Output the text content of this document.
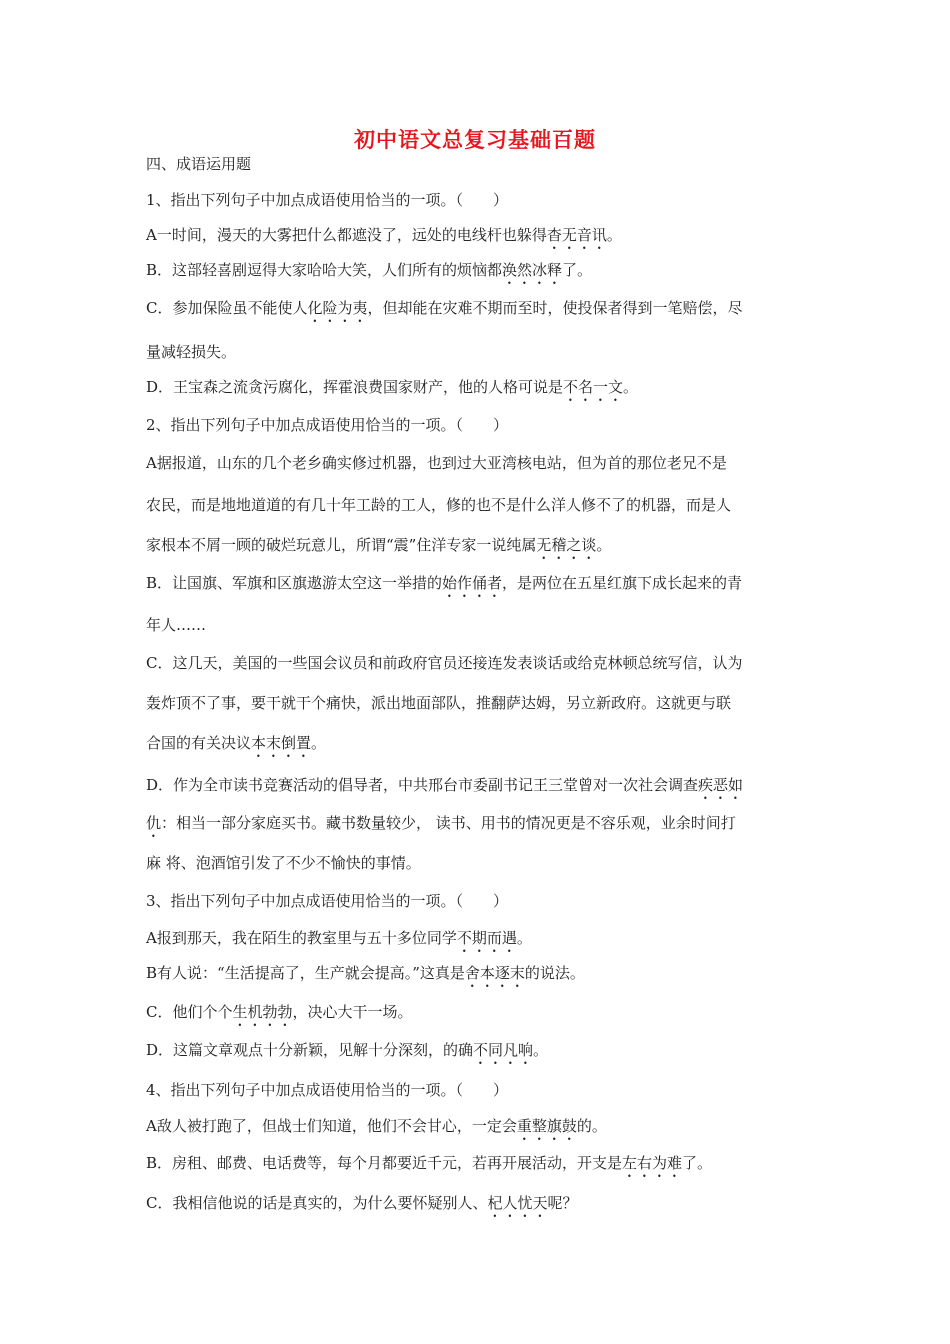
初中语文总复习基础百题
四、成语运用题
1、指出下列句子中加点成语使用恰当的一项。（　　）
A一时间，漫天的大雾把什么都遮没了，远处的电线杆也躲得杳无音讯。
B．这部轻喜剧逗得大家哈哈大笑，人们所有的烦恼都涣然冰释了。
C．参加保险虽不能使人化险为夷，但却能在灾难不期而至时，使投保者得到一笔赔偿，尽
量减轻损失。
D．王宝森之流贪污腐化，挥霍浪费国家财产，他的人格可说是不名一文。
2、指出下列句子中加点成语使用恰当的一项。（　　）
A据报道，山东的几个老乡确实修过机器，也到过大亚湾核电站，但为首的那位老兄不是
农民，而是地地道道的有几十年工龄的工人，修的也不是什么洋人修不了的机器，而是人
家根本不屑一顾的破烂玩意儿，所谓“震”住洋专家一说纯属无稽之谈。
B．让国旗、军旗和区旗遨游太空这一举措的始作俑者，是两位在五星红旗下成长起来的青
年人……
C．这几天，美国的一些国会议员和前政府官员还接连发表谈话或给克林顿总统写信，认为
轰炸顶不了事，要干就干个痛快，派出地面部队，推翻萨达姆，另立新政府。这就更与联
合国的有关决议本末倒置。
D．作为全市读书竞赛活动的倡导者，中共邢台市委副书记王三堂曾对一次社会调查疾恶如
仇：相当一部分家庭买书。藏书数量较少， 读书、用书的情况更是不容乐观，业余时间打
麻 将、泡酒馆引发了不少不愉快的事情。
3、指出下列句子中加点成语使用恰当的一项。（　　）
A报到那天，我在陌生的教室里与五十多位同学不期而遇。
B有人说：“生活提高了，生产就会提高。”这真是舍本逐末的说法。
C．他们个个生机勃勃，决心大干一场。
D．这篇文章观点十分新颖，见解十分深刻，的确不同凡响。
4、指出下列句子中加点成语使用恰当的一项。（　　）
A敌人被打跑了，但战士们知道，他们不会甘心，一定会重整旗鼓的。
B．房租、邮费、电话费等，每个月都要近千元，若再开展活动，开支是左右为难了。
C．我相信他说的话是真实的，为什么要怀疑别人、杞人忧天呢？
